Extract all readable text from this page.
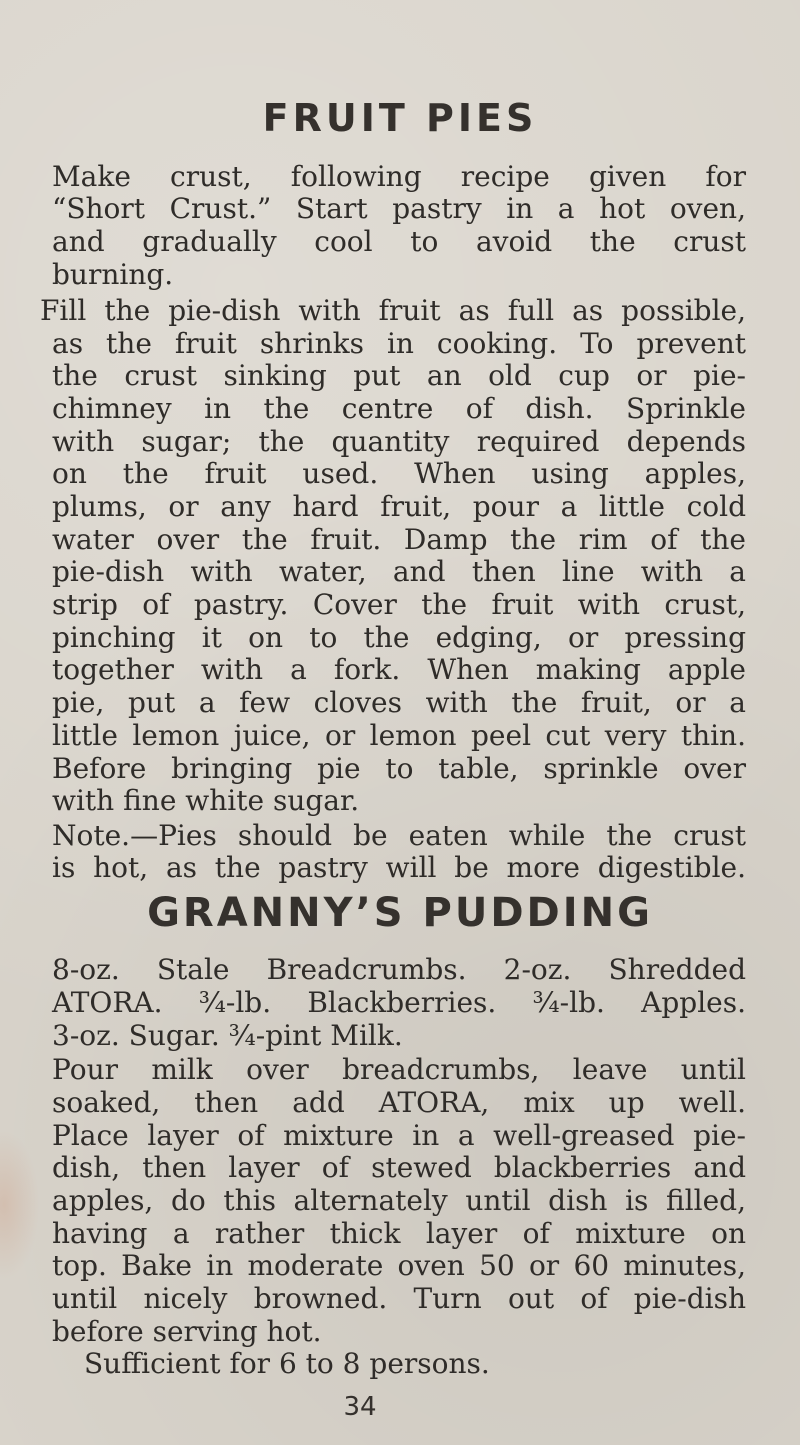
FRUIT PIES

Make crust, following recipe given for

“Short Crust.” Start pastry in a hot oven,

and gradually cool to avoid the crust

burning.

Fill the pie-dish with fruit as full as possible,

as the fruit shrinks in cooking. To prevent

the crust sinking put an old cup or pie-

chimney in the centre of dish. Sprinkle

with sugar; the quantity required depends

on the fruit used. When using apples,

plums, or any hard fruit, pour a little cold

water over the fruit. Damp the rim of the

pie-dish with water, and then line with a

strip of pastry. Cover the fruit with crust,

pinching it on to the edging, or pressing

together with a fork. When making apple

pie, put a few cloves with the fruit, or a

little lemon juice, or lemon peel cut very thin.

Before bringing pie to table, sprinkle over

with fine white sugar.

Note.—Pies should be eaten while the crust

is hot, as the pastry will be more digestible.

GRANNY’S PUDDING

8-oz. Stale Breadcrumbs. 2-oz. Shredded

ATORA. ¾-lb. Blackberries. ¾-lb. Apples.

3-oz. Sugar. ¾-pint Milk.

Pour milk over breadcrumbs, leave until

soaked, then add ATORA, mix up well.

Place layer of mixture in a well-greased pie-

dish, then layer of stewed blackberries and

apples, do this alternately until dish is filled,

having a rather thick layer of mixture on

top. Bake in moderate oven 50 or 60 minutes,

until nicely browned. Turn out of pie-dish

before serving hot.

Sufficient for 6 to 8 persons.

34
